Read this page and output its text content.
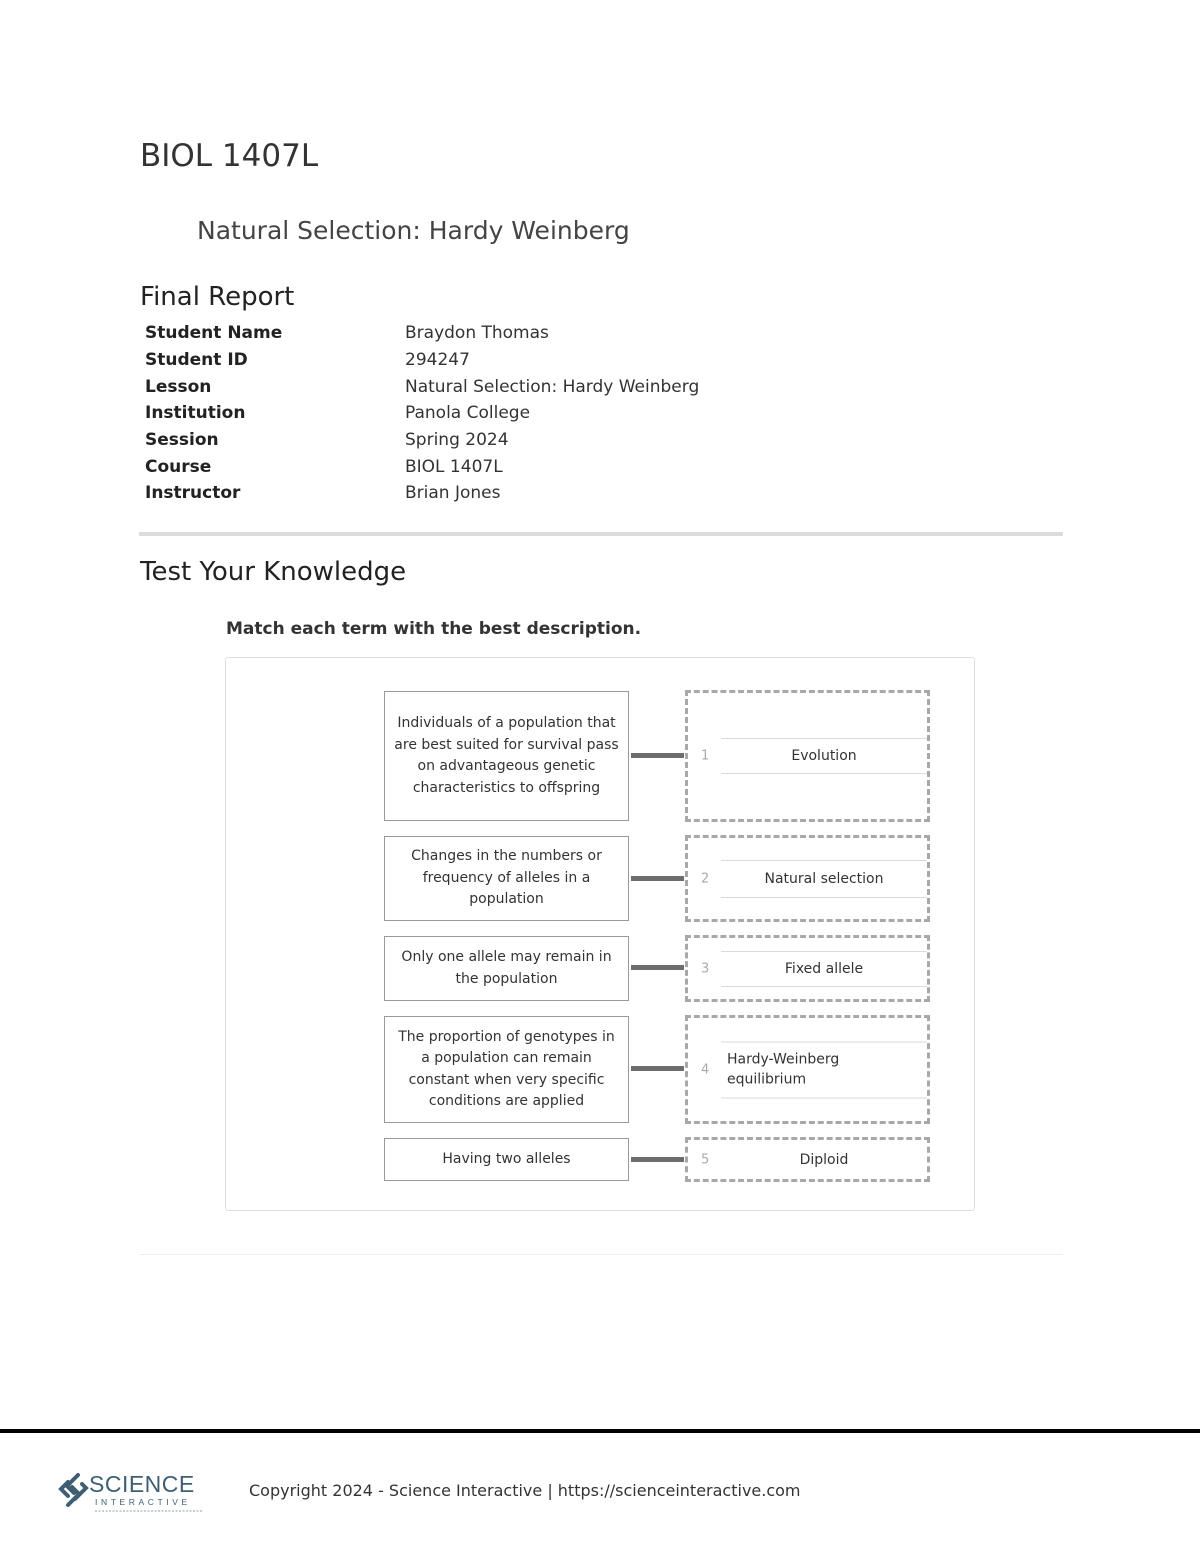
BIOL 1407L
Natural Selection: Hardy Weinberg
Final Report
Student Name	Braydon Thomas
Student ID	294247
Lesson	Natural Selection: Hardy Weinberg
Institution	Panola College
Session	Spring 2024
Course	BIOL 1407L
Instructor	Brian Jones
Test Your Knowledge

Match each term with the best description.

Individuals of a population that are best suited for survival pass on advantageous genetic characteristics to offspring
1	Evolution
Changes in the numbers or frequency of alleles in a population
2	Natural selection
Only one allele may remain in the population
3	Fixed allele
The proportion of genotypes in a population can remain constant when very specific conditions are applied
4
Hardy-Weinberg equilibrium
Having two alleles	5	Diploid
SCIENCE
INTERACTIVE
Copyright 2024 - Science Interactive | https://scienceinteractive.com
